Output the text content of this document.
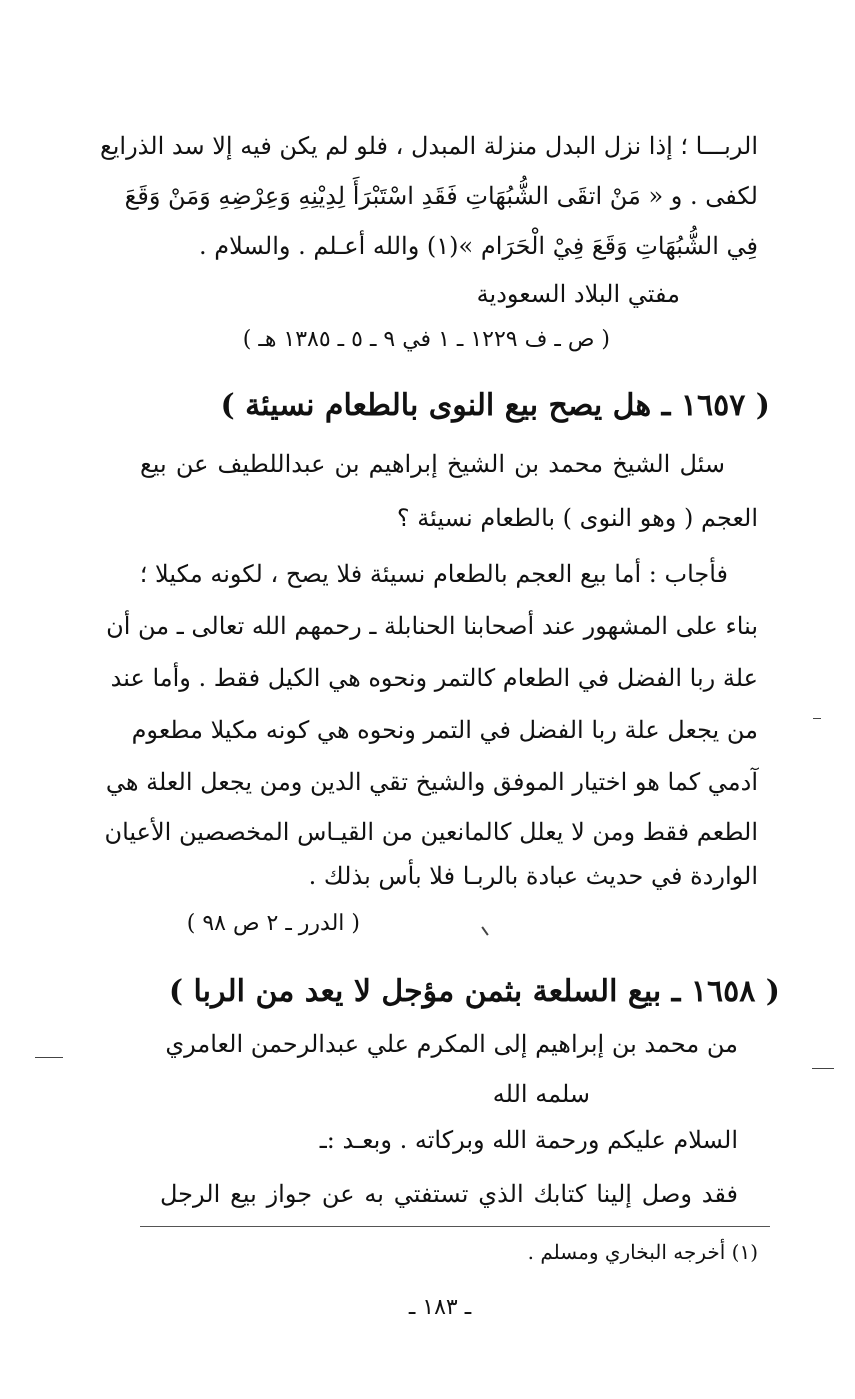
الربـــا ؛ إذا نزل البدل منزلة المبدل ، فلو لم يكن فيه إلا سد الذرايع
لكفى . و « مَنْ اتقَى الشُّبُهَاتِ فَقَدِ اسْتَبْرَأَ لِدِيْنِهِ وَعِرْضِهِ وَمَنْ وَقَعَ
فِي الشُّبُهَاتِ وَقَعَ فِيْ الْحَرَام »(١) والله أعـلم . والسلام .
مفتي البلاد السعودية
( ص ـ ف ١٢٢٩ ـ ١ في ٩ ـ ٥ ـ ١٣٨٥ هـ )
( ١٦٥٧ ـ هل يصح بيع النوى بالطعام نسيئة )
سئل الشيخ محمد بن الشيخ إبراهيم بن عبداللطيف عن بيع
العجم ( وهو النوى ) بالطعام نسيئة ؟
فأجاب : أما بيع العجم بالطعام نسيئة فلا يصح ، لكونه مكيلا ؛
بناء على المشهور عند أصحابنا الحنابلة ـ رحمهم الله تعالى ـ من أن
علة ربا الفضل في الطعام كالتمر ونحوه هي الكيل فقط . وأما عند
من يجعل علة ربا الفضل في التمر ونحوه هي كونه مكيلا مطعوم
آدمي كما هو اختيار الموفق والشيخ تقي الدين ومن يجعل العلة هي
الطعم فقط ومن لا يعلل كالمانعين من القيـاس المخصصين الأعيان
الواردة في حديث عبادة بالربـا فلا بأس بذلك .
( الدرر ـ ٢ ص ٩٨ )
( ١٦٥٨ ـ بيع السلعة بثمن مؤجل لا يعد من الربا )
من محمد بن إبراهيم إلى المكرم علي عبدالرحمن العامري
سلمه الله
السلام عليكم ورحمة الله وبركاته . وبعـد :ـ
فقد وصل إلينا كتابك الذي تستفتي به عن جواز بيع الرجل
(١) أخرجه البخاري ومسلم .
ـ ١٨٣ ـ
